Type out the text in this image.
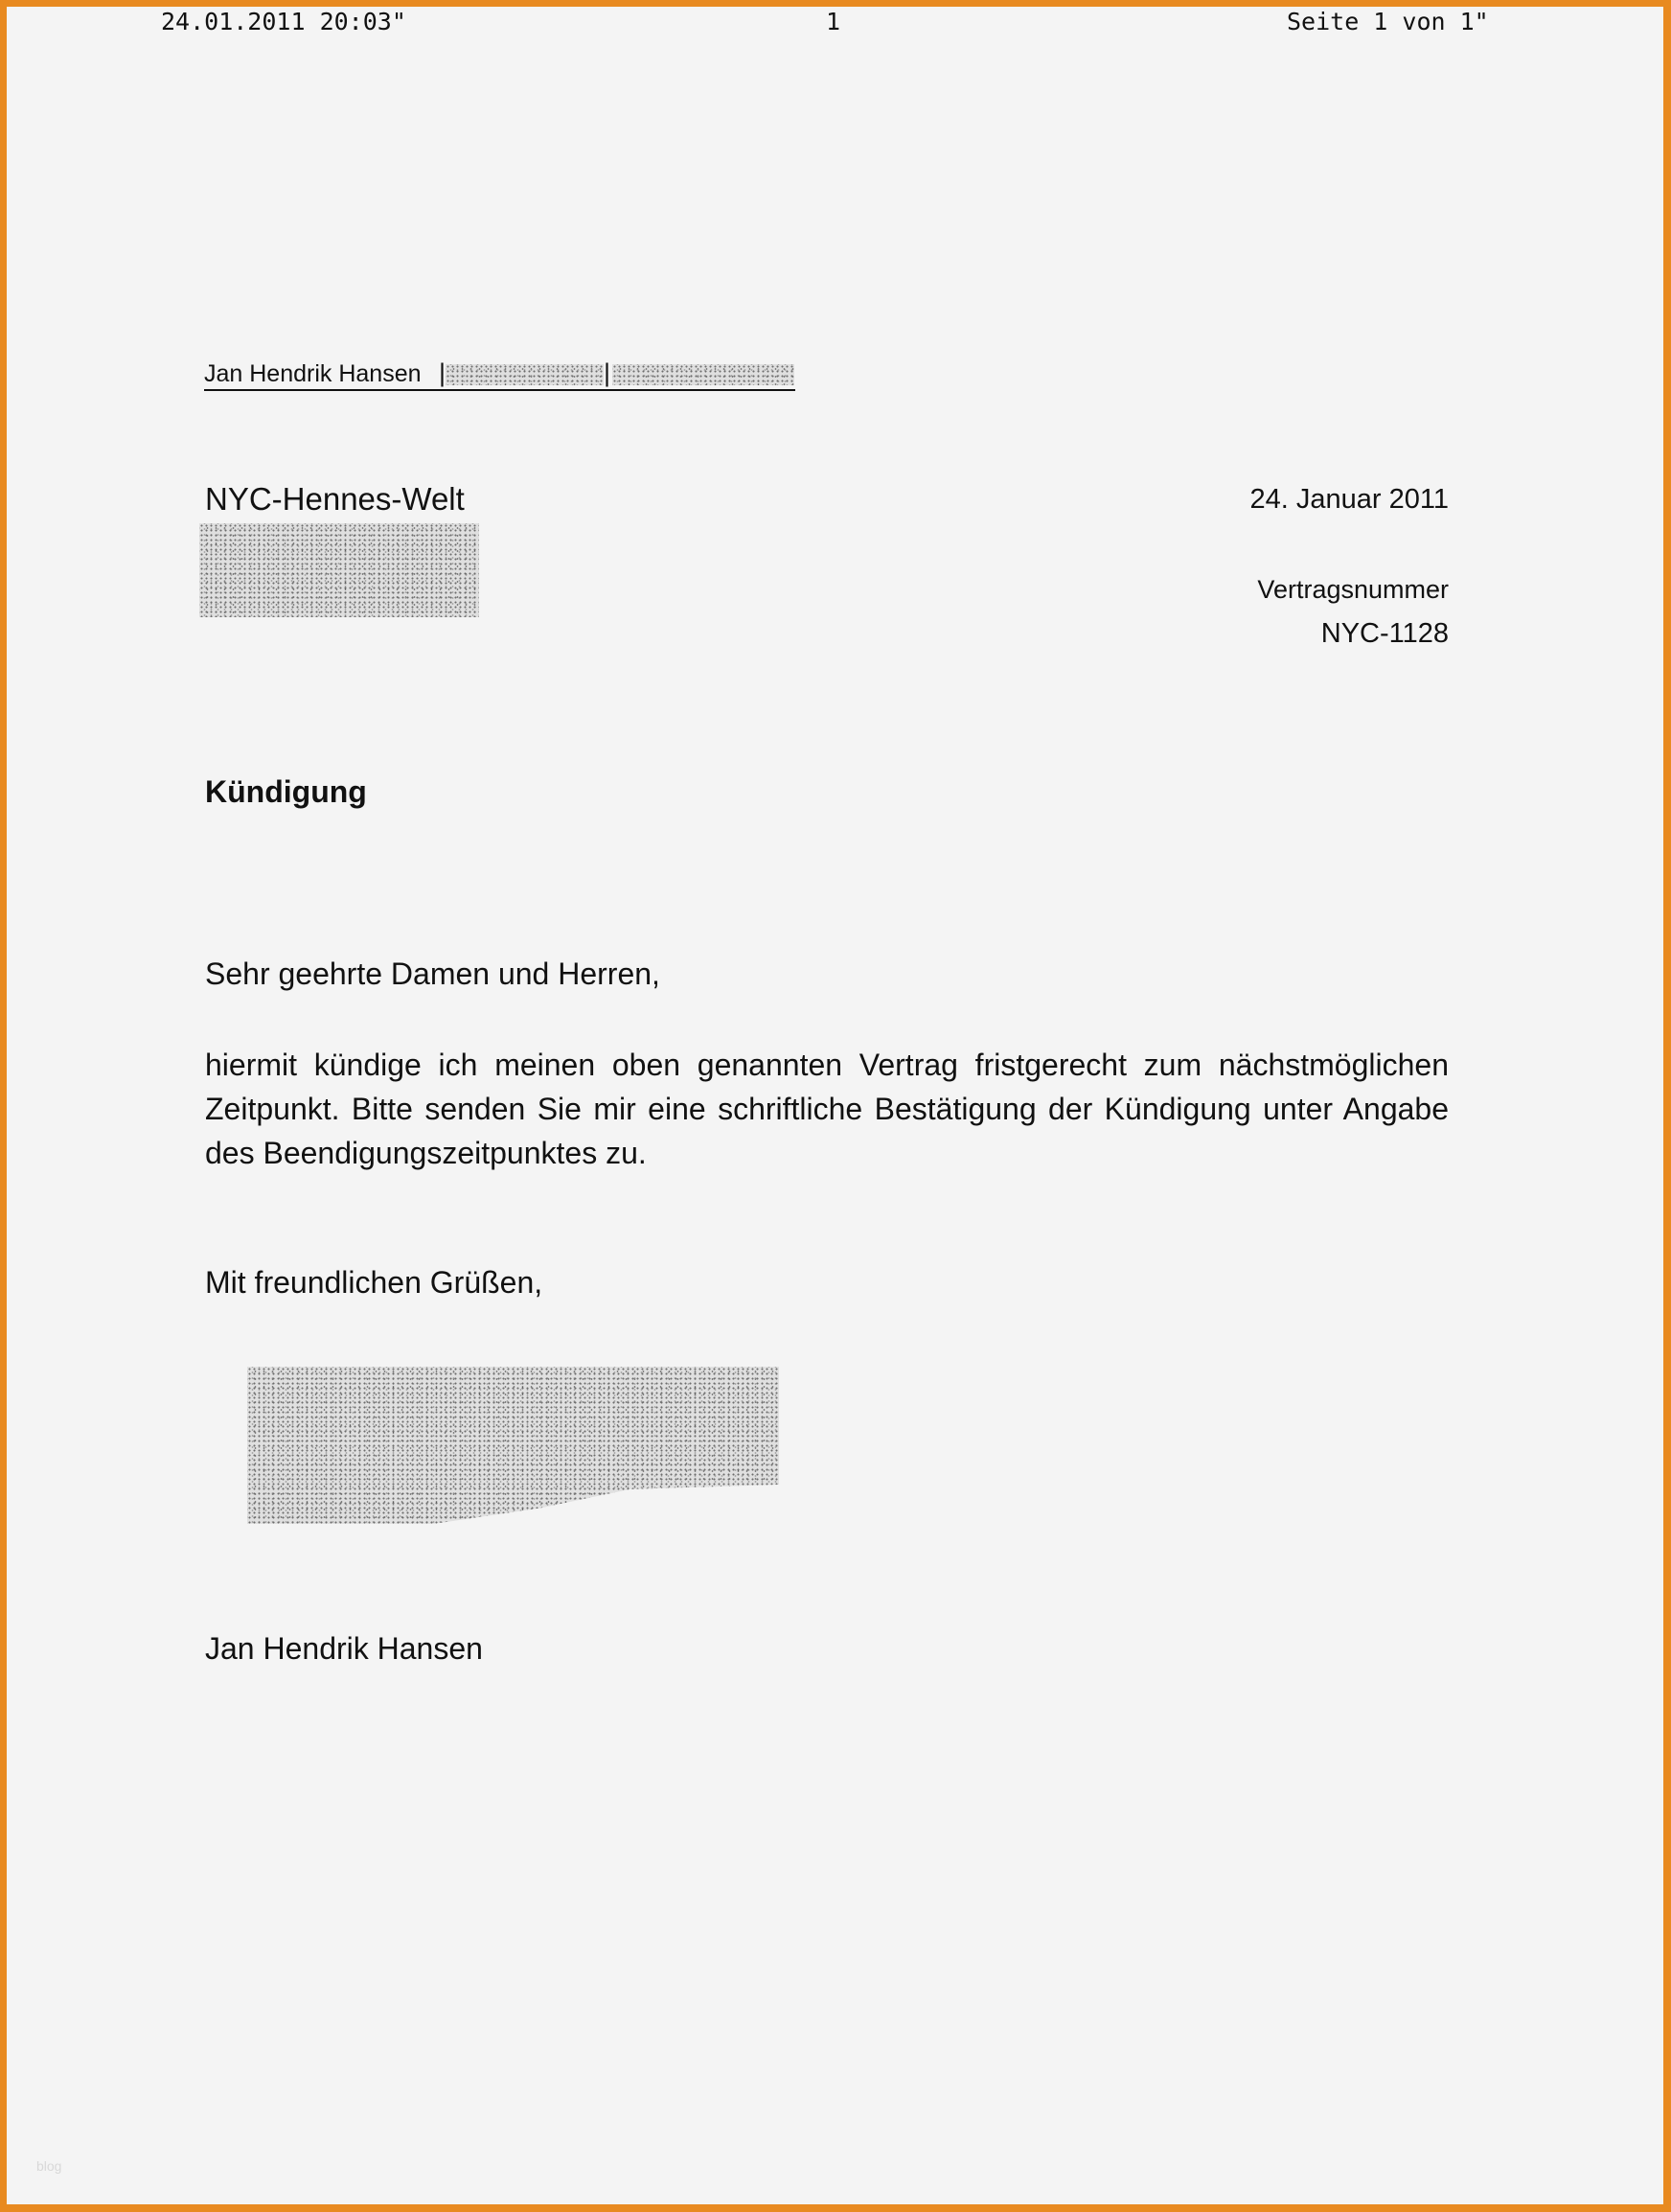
24.01.2011 20:03"	1	Seite 1 von 1"
Jan Hendrik Hansen |	|
NYC-Hennes-Welt	24. Januar 2011
Vertragsnummer
NYC-1128
Kündigung
Sehr geehrte Damen und Herren,

hiermit kündige ich meinen oben genannten Vertrag fristgerecht zum nächstmöglichen Zeitpunkt. Bitte senden Sie mir eine schriftliche Bestätigung der Kündigung unter Angabe des Beendigungszeitpunktes zu.

Mit freundlichen Grüßen,
Jan Hendrik Hansen
blog
